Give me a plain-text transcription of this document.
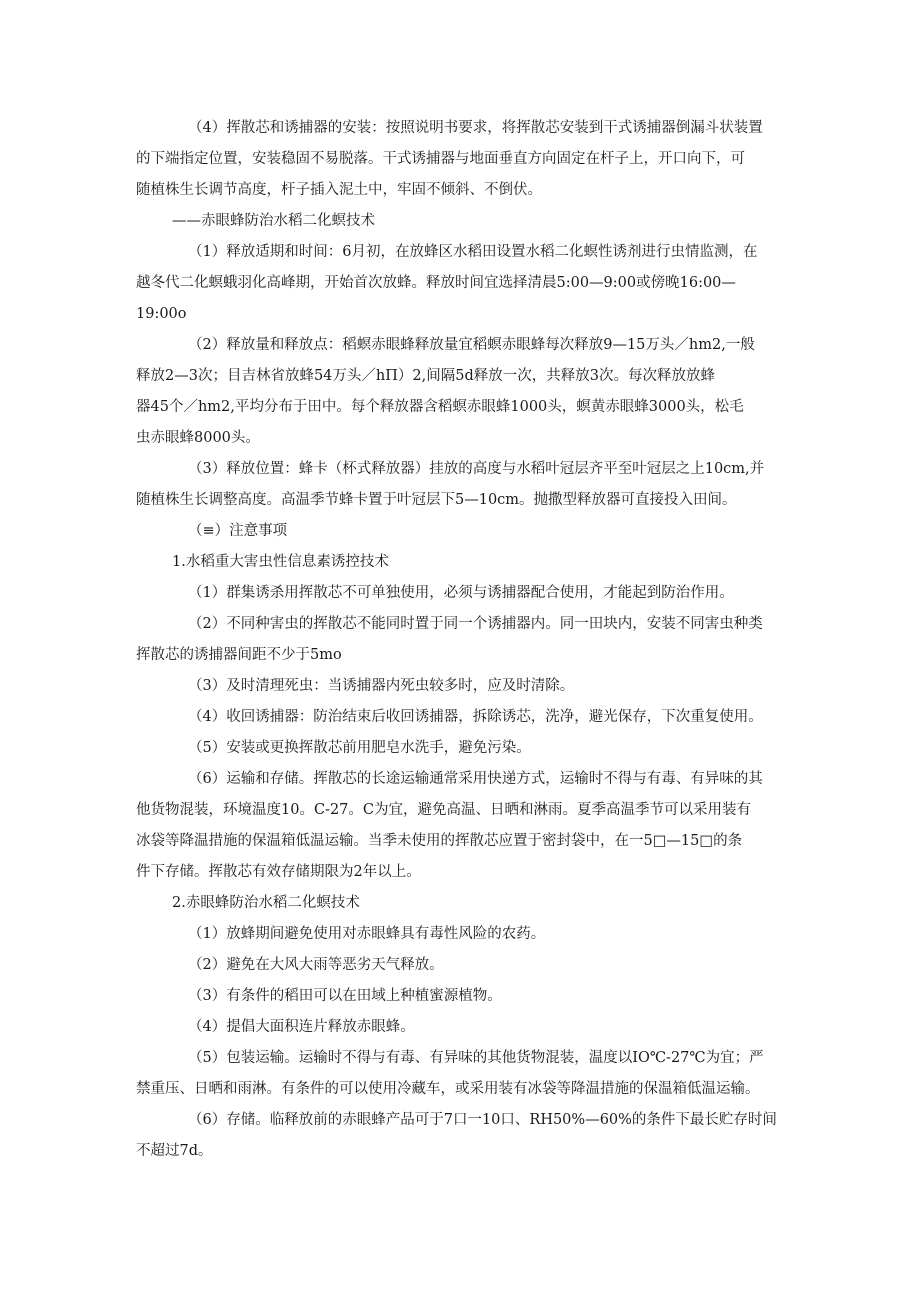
（4）挥散芯和诱捕器的安装：按照说明书要求，将挥散芯安装到干式诱捕器倒漏斗状装置
的下端指定位置，安装稳固不易脱落。干式诱捕器与地面垂直方向固定在杆子上，开口向下，可
随植株生长调节高度，杆子插入泥土中，牢固不倾斜、不倒伏。
——赤眼蜂防治水稻二化螟技术
（1）释放适期和时间：6月初，在放蜂区水稻田设置水稻二化螟性诱剂进行虫情监测，在
越冬代二化螟蛾羽化高峰期，开始首次放蜂。释放时间宜选择清晨5:00—9:00或傍晚16:00—
19:00o
（2）释放量和释放点：稻螟赤眼蜂释放量宜稻螟赤眼蜂每次释放9—15万头／hm2,一般
释放2—3次；目吉林省放蜂54万头／hП）2,间隔5d释放一次，共释放3次。每次释放放蜂
器45个／hm2,平均分布于田中。每个释放器含稻螟赤眼蜂1000头，螟黄赤眼蜂3000头，松毛
虫赤眼蜂8000头。
（3）释放位置：蜂卡（杯式释放器）挂放的高度与水稻叶冠层齐平至叶冠层之上10cm,并
随植株生长调整高度。高温季节蜂卡置于叶冠层下5—10cm。抛撒型释放器可直接投入田间。
（≡）注意事项
1.水稻重大害虫性信息素诱控技术
（1）群集诱杀用挥散芯不可单独使用，必须与诱捕器配合使用，才能起到防治作用。
（2）不同种害虫的挥散芯不能同时置于同一个诱捕器内。同一田块内，安装不同害虫种类
挥散芯的诱捕器间距不少于5mo
（3）及时清理死虫：当诱捕器内死虫较多时，应及时清除。
（4）收回诱捕器：防治结束后收回诱捕器，拆除诱芯，洗净，避光保存，下次重复使用。
（5）安装或更换挥散芯前用肥皂水洗手，避免污染。
（6）运输和存储。挥散芯的长途运输通常采用快递方式，运输时不得与有毒、有异味的其
他货物混装，环境温度10。C-27。C为宜，避免高温、日晒和淋雨。夏季高温季节可以采用装有
冰袋等降温措施的保温箱低温运输。当季未使用的挥散芯应置于密封袋中，在一5□—15□的条
件下存储。挥散芯有效存储期限为2年以上。
2.赤眼蜂防治水稻二化螟技术
（1）放蜂期间避免使用对赤眼蜂具有毒性风险的农药。
（2）避免在大风大雨等恶劣天气释放。
（3）有条件的稻田可以在田域上种植蜜源植物。
（4）提倡大面积连片释放赤眼蜂。
（5）包装运输。运输时不得与有毒、有异味的其他货物混装，温度以IO℃-27℃为宜；严
禁重压、日晒和雨淋。有条件的可以使用冷藏车，或采用装有冰袋等降温措施的保温箱低温运输。
（6）存储。临释放前的赤眼蜂产品可于7口一10口、RH50%—60%的条件下最长贮存时间
不超过7d。
